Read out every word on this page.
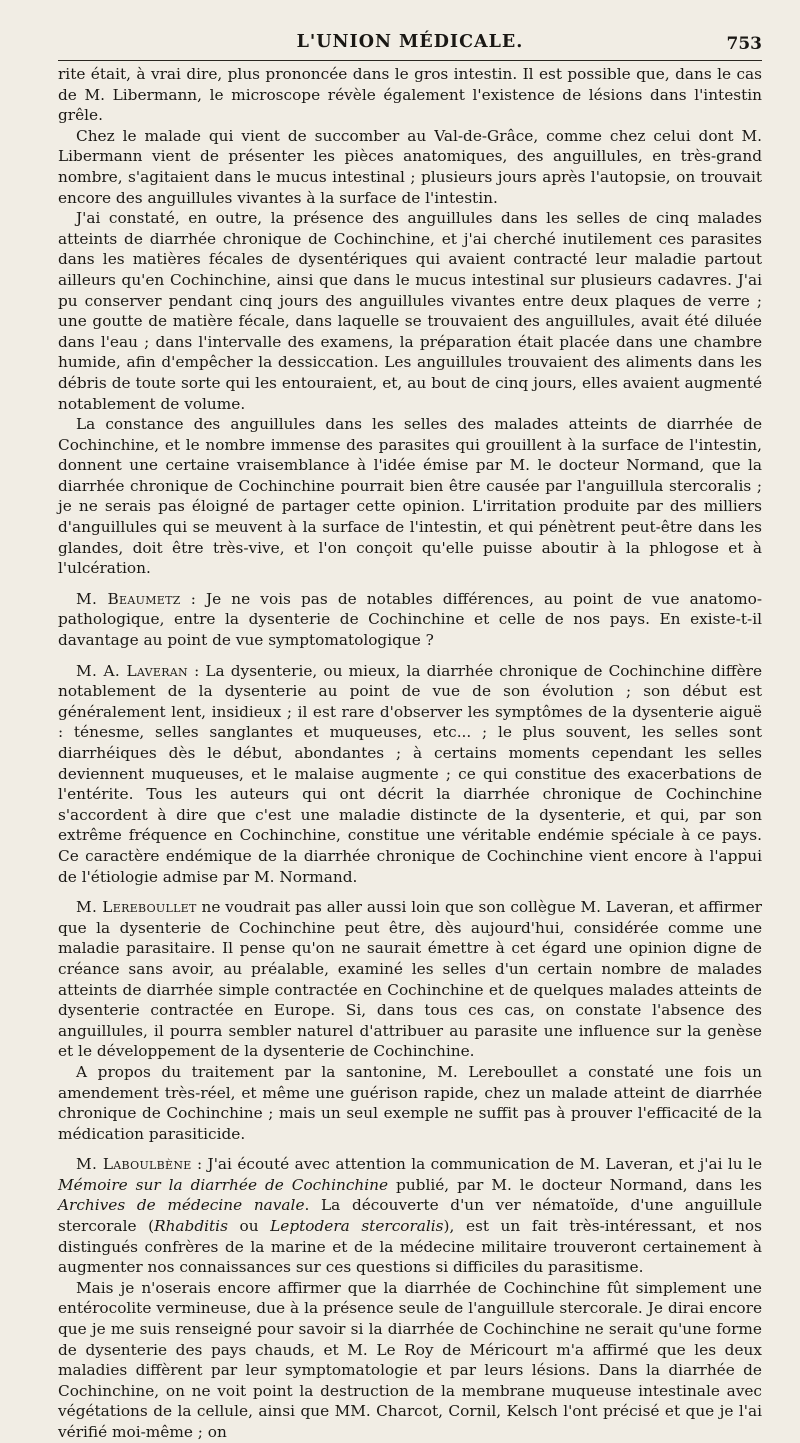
L'UNION MÉDICALE.	753

rite était, à vrai dire, plus prononcée dans le gros intestin. Il est possible que, dans le cas de M. Libermann, le microscope révèle également l'existence de lésions dans l'intestin grêle.

Chez le malade qui vient de succomber au Val-de-Grâce, comme chez celui dont M. Libermann vient de présenter les pièces anatomiques, des anguillules, en très-grand nombre, s'agitaient dans le mucus intestinal ; plusieurs jours après l'autopsie, on trouvait encore des anguillules vivantes à la surface de l'intestin.

J'ai constaté, en outre, la présence des anguillules dans les selles de cinq malades atteints de diarrhée chronique de Cochinchine, et j'ai cherché inutilement ces parasites dans les matières fécales de dysentériques qui avaient contracté leur maladie partout ailleurs qu'en Cochinchine, ainsi que dans le mucus intestinal sur plusieurs cadavres. J'ai pu conserver pendant cinq jours des anguillules vivantes entre deux plaques de verre ; une goutte de matière fécale, dans laquelle se trouvaient des anguillules, avait été diluée dans l'eau ; dans l'intervalle des examens, la préparation était placée dans une chambre humide, afin d'empêcher la dessiccation. Les anguillules trouvaient des aliments dans les débris de toute sorte qui les entouraient, et, au bout de cinq jours, elles avaient augmenté notablement de volume.

La constance des anguillules dans les selles des malades atteints de diarrhée de Cochinchine, et le nombre immense des parasites qui grouillent à la surface de l'intestin, donnent une certaine vraisemblance à l'idée émise par M. le docteur Normand, que la diarrhée chronique de Cochinchine pourrait bien être causée par l'anguillula stercoralis ; je ne serais pas éloigné de partager cette opinion. L'irritation produite par des milliers d'anguillules qui se meuvent à la surface de l'intestin, et qui pénètrent peut-être dans les glandes, doit être très-vive, et l'on conçoit qu'elle puisse aboutir à la phlogose et à l'ulcération.

M. Beaumetz : Je ne vois pas de notables différences, au point de vue anatomo-pathologique, entre la dysenterie de Cochinchine et celle de nos pays. En existe-t-il davantage au point de vue symptomatologique ?

M. A. Laveran : La dysenterie, ou mieux, la diarrhée chronique de Cochinchine diffère notablement de la dysenterie au point de vue de son évolution ; son début est généralement lent, insidieux ; il est rare d'observer les symptômes de la dysenterie aiguë : ténesme, selles sanglantes et muqueuses, etc... ; le plus souvent, les selles sont diarrhéiques dès le début, abondantes ; à certains moments cependant les selles deviennent muqueuses, et le malaise augmente ; ce qui constitue des exacerbations de l'entérite. Tous les auteurs qui ont décrit la diarrhée chronique de Cochinchine s'accordent à dire que c'est une maladie distincte de la dysenterie, et qui, par son extrême fréquence en Cochinchine, constitue une véritable endémie spéciale à ce pays. Ce caractère endémique de la diarrhée chronique de Cochinchine vient encore à l'appui de l'étiologie admise par M. Normand.

M. Lereboullet ne voudrait pas aller aussi loin que son collègue M. Laveran, et affirmer que la dysenterie de Cochinchine peut être, dès aujourd'hui, considérée comme une maladie parasitaire. Il pense qu'on ne saurait émettre à cet égard une opinion digne de créance sans avoir, au préalable, examiné les selles d'un certain nombre de malades atteints de diarrhée simple contractée en Cochinchine et de quelques malades atteints de dysenterie contractée en Europe. Si, dans tous ces cas, on constate l'absence des anguillules, il pourra sembler naturel d'attribuer au parasite une influence sur la genèse et le développement de la dysenterie de Cochinchine.

A propos du traitement par la santonine, M. Lereboullet a constaté une fois un amendement très-réel, et même une guérison rapide, chez un malade atteint de diarrhée chronique de Cochinchine ; mais un seul exemple ne suffit pas à prouver l'efficacité de la médication parasiticide.

M. Laboulbène : J'ai écouté avec attention la communication de M. Laveran, et j'ai lu le Mémoire sur la diarrhée de Cochinchine publié, par M. le docteur Normand, dans les Archives de médecine navale. La découverte d'un ver nématoïde, d'une anguillule stercorale (Rhabditis ou Leptodera stercoralis), est un fait très-intéressant, et nos distingués confrères de la marine et de la médecine militaire trouveront certainement à augmenter nos connaissances sur ces questions si difficiles du parasitisme.

Mais je n'oserais encore affirmer que la diarrhée de Cochinchine fût simplement une entérocolite vermineuse, due à la présence seule de l'anguillule stercorale. Je dirai encore que je me suis renseigné pour savoir si la diarrhée de Cochinchine ne serait qu'une forme de dysenterie des pays chauds, et M. Le Roy de Méricourt m'a affirmé que les deux maladies diffèrent par leur symptomatologie et par leurs lésions. Dans la diarrhée de Cochinchine, on ne voit point la destruction de la membrane muqueuse intestinale avec végétations de la cellule, ainsi que MM. Charcot, Cornil, Kelsch l'ont précisé et que je l'ai vérifié moi-même ; on
